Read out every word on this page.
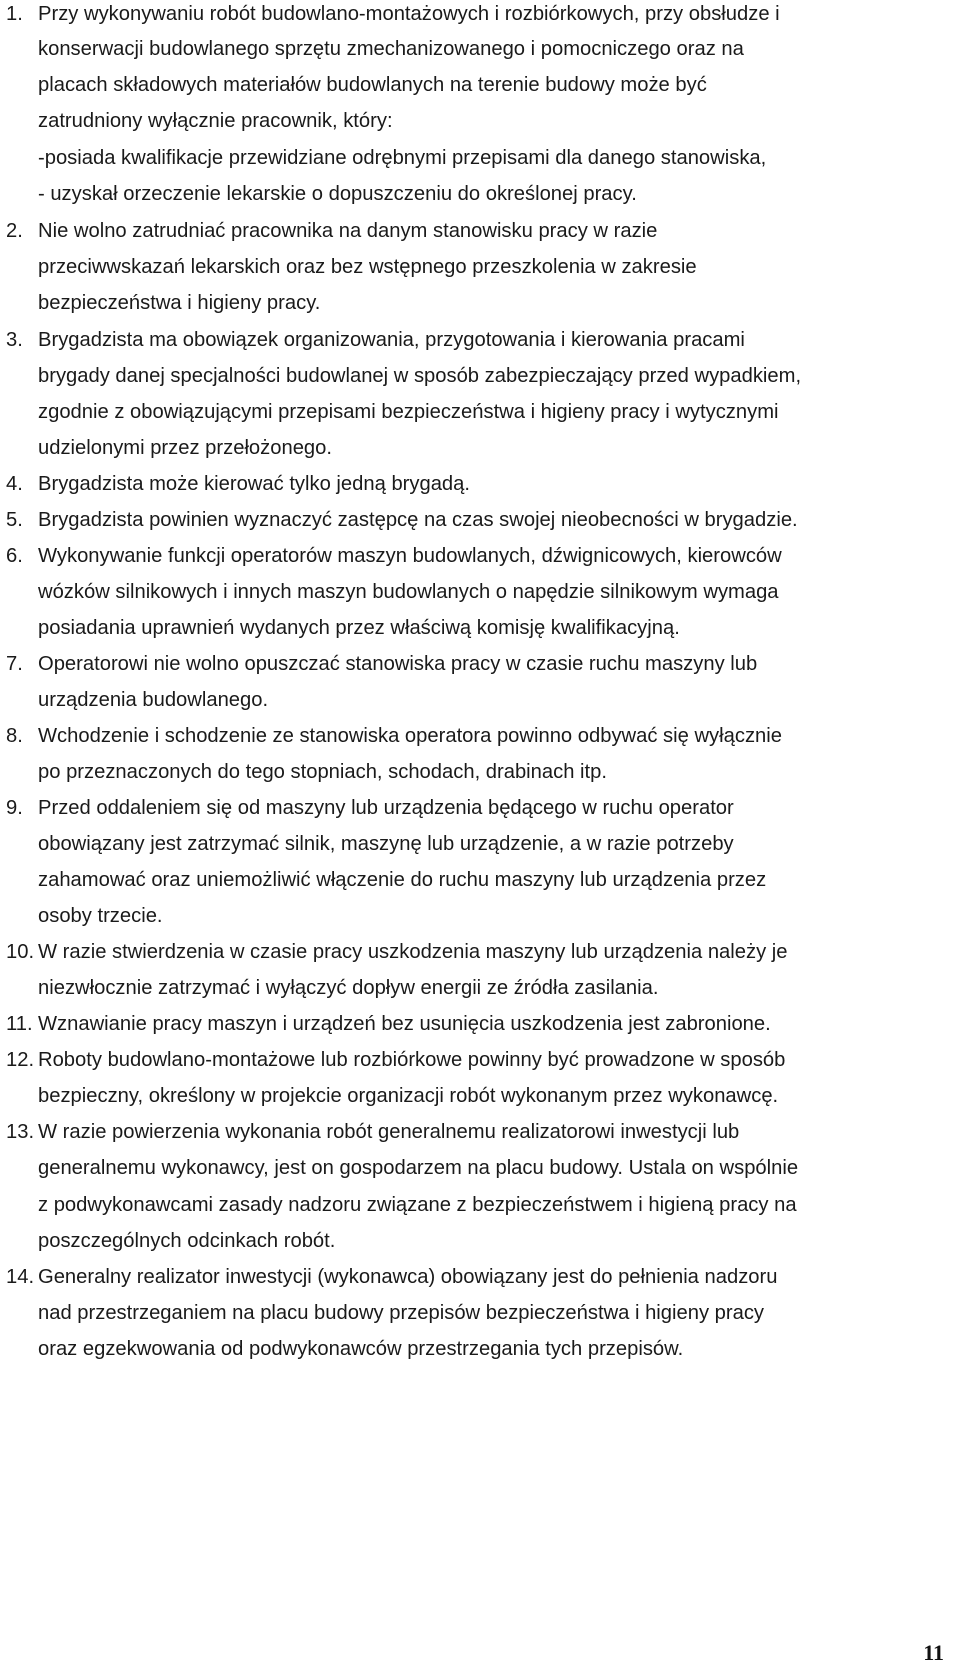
1. Przy wykonywaniu robót budowlano-montażowych i rozbiórkowych, przy obsłudze i
konserwacji budowlanego sprzętu zmechanizowanego i pomocniczego oraz na
placach składowych materiałów budowlanych na terenie budowy może być
zatrudniony wyłącznie pracownik, który:
-posiada kwalifikacje przewidziane odrębnymi przepisami dla danego stanowiska,
- uzyskał orzeczenie lekarskie o dopuszczeniu do określonej pracy.
2. Nie wolno zatrudniać pracownika na danym stanowisku pracy w razie
przeciwwskazań lekarskich oraz bez wstępnego przeszkolenia w zakresie
bezpieczeństwa i higieny pracy.
3. Brygadzista ma obowiązek organizowania, przygotowania i kierowania pracami
brygady danej specjalności budowlanej w sposób zabezpieczający przed wypadkiem,
zgodnie z obowiązującymi przepisami bezpieczeństwa i higieny pracy i wytycznymi
udzielonymi przez przełożonego.
4. Brygadzista może kierować tylko jedną brygadą.
5. Brygadzista powinien wyznaczyć zastępcę na czas swojej nieobecności w brygadzie.
6. Wykonywanie funkcji operatorów maszyn budowlanych, dźwignicowych, kierowców
wózków silnikowych i innych maszyn budowlanych o napędzie silnikowym wymaga
posiadania uprawnień wydanych przez właściwą komisję kwalifikacyjną.
7. Operatorowi nie wolno opuszczać stanowiska pracy w czasie ruchu maszyny lub
urządzenia budowlanego.
8. Wchodzenie i schodzenie ze stanowiska operatora powinno odbywać się wyłącznie
po przeznaczonych do tego stopniach, schodach, drabinach itp.
9. Przed oddaleniem się od maszyny lub urządzenia będącego w ruchu operator
obowiązany jest zatrzymać silnik, maszynę lub urządzenie, a w razie potrzeby
zahamować oraz uniemożliwić włączenie do ruchu maszyny lub urządzenia przez
osoby trzecie.
10. W razie stwierdzenia w czasie pracy uszkodzenia maszyny lub urządzenia należy je
niezwłocznie zatrzymać i wyłączyć dopływ energii ze źródła zasilania.
11. Wznawianie pracy maszyn i urządzeń bez usunięcia uszkodzenia jest zabronione.
12. Roboty budowlano-montażowe lub rozbiórkowe powinny być prowadzone w sposób
bezpieczny, określony w projekcie organizacji robót wykonanym przez wykonawcę.
13. W razie powierzenia wykonania robót generalnemu realizatorowi inwestycji lub
generalnemu wykonawcy, jest on gospodarzem na placu budowy. Ustala on wspólnie
z podwykonawcami zasady nadzoru związane z bezpieczeństwem i higieną pracy na
poszczególnych odcinkach robót.
14. Generalny realizator inwestycji (wykonawca) obowiązany jest do pełnienia nadzoru
nad przestrzeganiem na placu budowy przepisów bezpieczeństwa i higieny pracy
oraz egzekwowania od podwykonawców przestrzegania tych przepisów.
11
